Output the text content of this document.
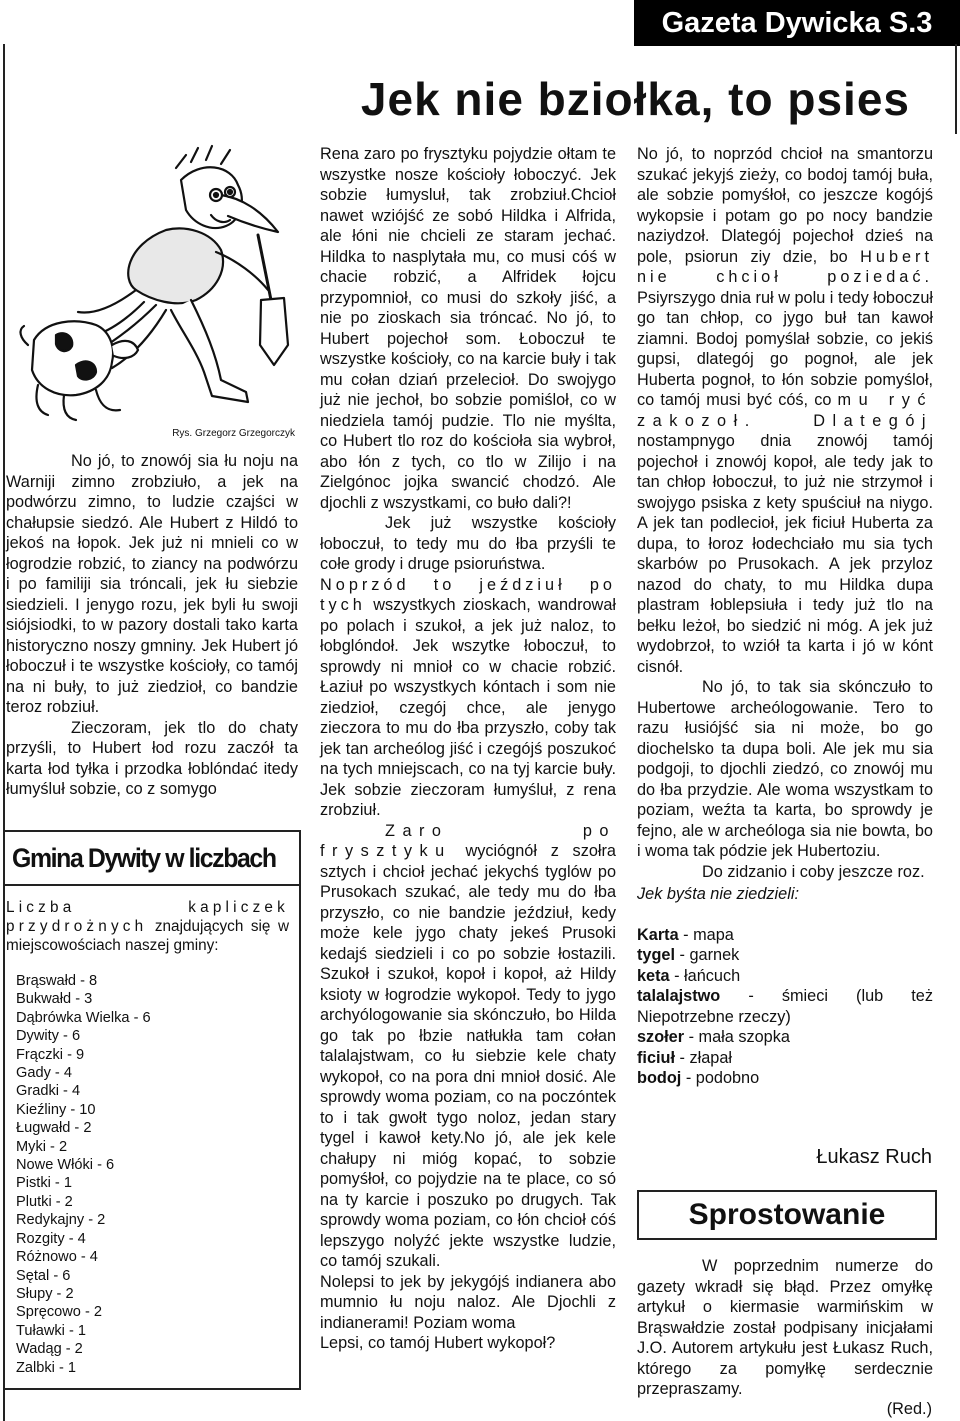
Gazeta Dywicka S.3
Jek nie bziołka, to psies
Rys. Grzegorz Grzegorczyk

No jó, to znowój sia łu noju na Warniji zimno zrobziuło, a jek na podwórzu zimno, to ludzie czajści w chałupsie siedzó. Ale Hubert z Hildó to jekoś na łopok. Jek już ni mnieli co w łogrodzie robzić, to ziancy na podwórzu i po familiji sia tróncali, jek łu siebzie siedzieli. I jenygo rozu, jek byli łu swoji siójsiodki, to w pazory dostali tako karta historyczno noszy gmniny. Jek Hubert jó łoboczuł i te wszystke kościoły, co tamój na ni buły, to już ziedzioł, co bandzie teroz robziuł.

Zieczoram, jek tlo do chaty przyśli, to Hubert łod rozu zaczół ta karta łod tyłka i przodka łoblóndać itedy łumyśluł sobzie, co z somygo

Gmina Dywity w liczbach
Liczba kapliczek przydrożnych znajdujących się w miejscowościach naszej gminy:
Brąswałd - 8
Bukwałd - 3
Dąbrówka Wielka - 6
Dywity - 6
Frączki - 9
Gady - 4
Gradki - 4
Kieźliny - 10
Ługwałd - 2
Myki - 2
Nowe Włóki - 6
Pistki - 1
Plutki - 2
Redykajny - 2
Rozgity - 4
Różnowo - 4
Sętal - 6
Słupy - 2
Spręcowo - 2
Tuławki - 1
Wadąg - 2
Zalbki - 1

Rena zaro po frysztyku pojydzie ołtam te wszystke nosze kościoły łoboczyć. Jek sobzie łumysluł, tak zrobziuł.Chcioł nawet wziójść ze sobó Hildka i Alfrida, ale łóni nie chcieli ze staram jechać. Hildka to nasplytała mu, co musi cóś w chacie robzić, a Alfridek łojcu przypomnioł, co musi do szkoły jiść, a nie po zioskach sia tróncać. No jó, to Hubert pojechoł som. Łoboczuł te wszystke kościoły, co na karcie buły i tak mu cołan dziań przelecioł. Do swojygo już nie jechoł, bo sobzie pomiśloł, co w niedziela tamój pudzie. Tlo nie myślta, co Hubert tlo roz do kościoła sia wybroł, abo łón z tych, co tlo w Zilijo i na Zielgónoc jojka swancić chodzó. Ale djochli z wszystkami, co buło dali?!

Jek już wszystke kościoły łoboczuł, to tedy mu do łba przyśli te cołe grody i druge psioruństwa.

Noprzód to jeździuł po tych wszystkych zioskach, wandrował po polach i szukoł, a jek już naloz, to łobglóndoł. Jek wszytke łoboczuł, to sprowdy ni mnioł co w chacie robzić. Łaziuł po wszystkych kóntach i som nie ziedzioł, czegój chce, ale jenygo zieczora to mu do łba przyszło, coby tak jek tan archeólog jiść i czegójś poszukoć na tych mniejscach, co na tyj karcie buły. Jek sobzie zieczoram łumyśluł, z rena zrobziuł.

Zaro po frysztyku wyciógnół z szołra sztych i chcioł jechać jekychś tyglów po Prusokach szukać, ale tedy mu do łba przyszło, co nie bandzie jeździuł, kedy może kele jygo chaty jekeś Prusoki kedajś siedzieli i co po sobzie łostazili. Szukoł i szukoł, kopoł i kopoł, aż Hildy ksioty w łogrodzie wykopoł. Tedy to jygo archyólogowanie sia skónczuło, bo Hilda go tak po łbzie natłukła tam cołan talalajstwam, co łu siebzie kele chaty wykopoł, co na pora dni mnioł dosić. Ale sprowdy woma poziam, co na poczóntek to i tak gwołt tygo noloz, jedan stary tygel i kawoł kety.No jó, ale jek kele chałupy ni mióg kopać, to sobzie pomyśłoł, co pojydzie na te place, co só na ty karcie i poszuko po drugych. Tak sprowdy woma poziam, co łón chcioł cóś lepszygo nolyźć jekte wszystke ludzie, co tamój szukali.

Nolepsi to jek by jekygójś indianera abo mumnio łu noju naloz. Ale Djochli z indianerami! Poziam woma

Lepsi, co tamój Hubert wykopoł?

No jó, to noprzód chcioł na smantorzu szukać jekyjś zieży, co bodoj tamój buła, ale sobzie pomyśłoł, co jeszcze kogójś wykopsie i potam go po nocy bandzie naziydzoł. Dlategój pojechoł dzieś na pole, psiorun ziy dzie, bo Hubert nie chcioł poziedać. Psiyrszygo dnia ruł w polu i tedy łoboczuł go tan chłop, co jygo buł tan kawoł ziamni. Bodoj pomyślał sobzie, co jekiś gupsi, dlategój go pognoł, ale jek Huberta pognoł, to łón sobzie pomyśloł, co tamój musi być cóś, co mu ryć zakozoł. Dlategój nostampnygo dnia znowój tamój pojechoł i znowój kopoł, ale tedy jak to tan chłop łoboczuł, to już nie strzymoł i swojygo psiska z kety spuściuł na niygo. A jek tan podlecioł, jek ficiuł Huberta za dupa, to łoroz łodechciało mu sia tych skarbów po Prusokach. A jek przyloz nazod do chaty, to mu Hildka dupa plastram łoblepsiuła i tedy już tlo na bełku leżoł, bo siedzić ni móg. A jek już wydobrzoł, to wziół ta karta i jó w kónt cisnół.

No jó, to tak sia skónczuło to Hubertowe archeólogowanie. Tero to razu łusiójść sia ni może, bo go diochelsko ta dupa boli. Ale jek mu sia podgoji, to djochli ziedzó, co znowój mu do łba przydzie. Ale woma wszystkam to poziam, weźta ta karta, bo sprowdy je fejno, ale w archeóloga sia nie bowta, bo i woma tak pódzie jek Hubertoziu.

Do zidzanio i coby jeszcze roz.

Jek byśta nie ziedzieli:

Karta - mapa
tygel - garnek
keta - łańcuch
talalajstwo - śmieci (lub też Niepotrzebne rzeczy)
szołer - mała szopka
ficiuł - złapał
bodoj - podobno
Łukasz Ruch
Sprostowanie

W poprzednim numerze do gazety wkradł się błąd. Przez omyłkę artykuł o kiermasie warmińskim w Brąswałdzie został podpisany inicjałami J.O. Autorem artykułu jest Łukasz Ruch, którego za pomyłkę serdecznie przepraszamy.

(Red.)
